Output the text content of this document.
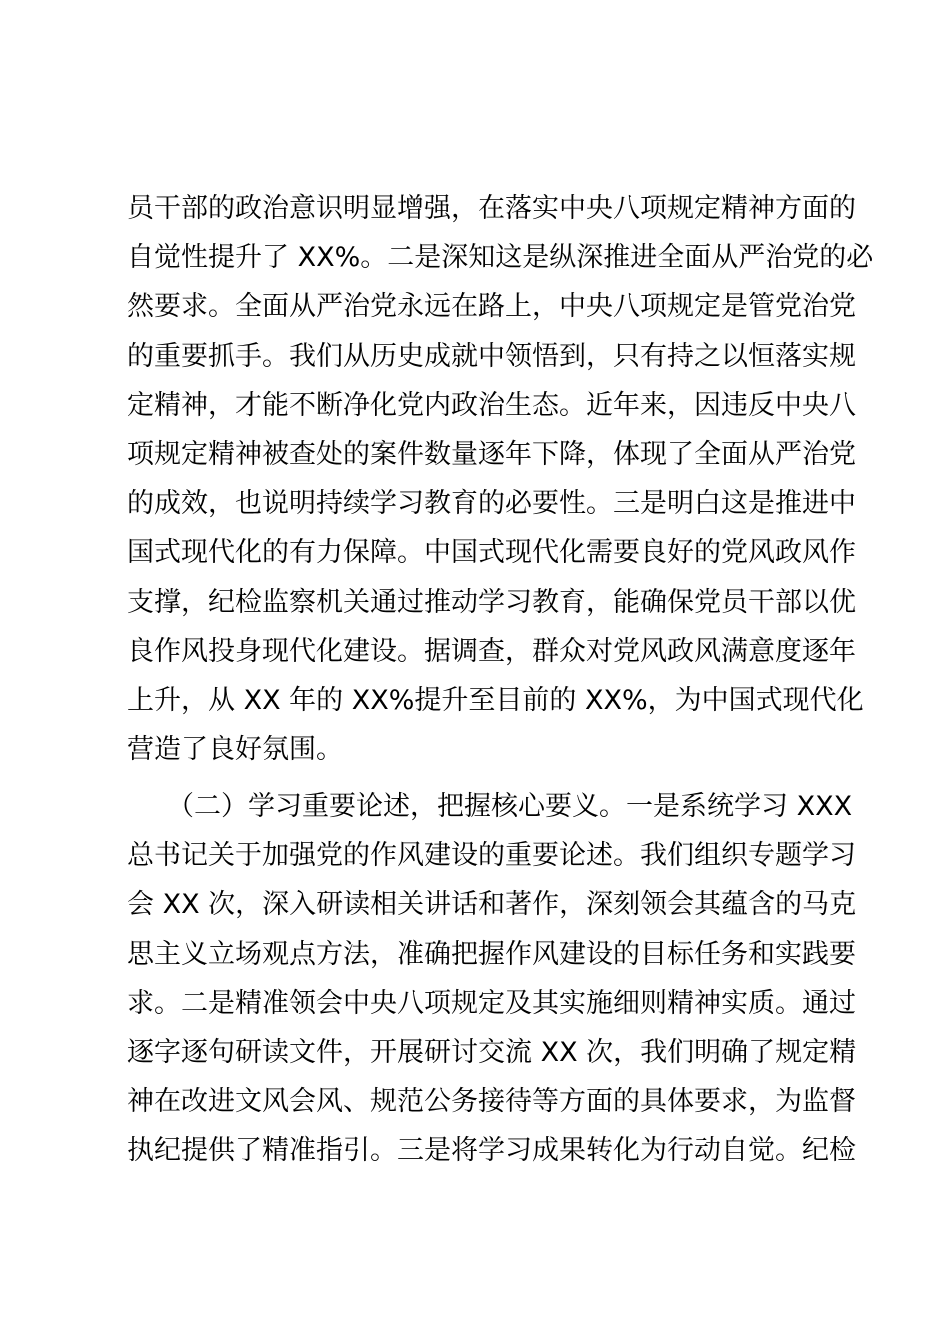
员干部的政治意识明显增强，在落实中央八项规定精神方面的
自觉性提升了 XX%。二是深知这是纵深推进全面从严治党的必
然要求。全面从严治党永远在路上，中央八项规定是管党治党
的重要抓手。我们从历史成就中领悟到，只有持之以恒落实规
定精神，才能不断净化党内政治生态。近年来，因违反中央八
项规定精神被查处的案件数量逐年下降，体现了全面从严治党
的成效，也说明持续学习教育的必要性。三是明白这是推进中
国式现代化的有力保障。中国式现代化需要良好的党风政风作
支撑，纪检监察机关通过推动学习教育，能确保党员干部以优
良作风投身现代化建设。据调查，群众对党风政风满意度逐年
上升，从 XX 年的 XX%提升至目前的 XX%，为中国式现代化
营造了良好氛围。
（二）学习重要论述，把握核心要义。一是系统学习 XXX
总书记关于加强党的作风建设的重要论述。我们组织专题学习
会 XX 次，深入研读相关讲话和著作，深刻领会其蕴含的马克
思主义立场观点方法，准确把握作风建设的目标任务和实践要
求。二是精准领会中央八项规定及其实施细则精神实质。通过
逐字逐句研读文件，开展研讨交流 XX 次，我们明确了规定精
神在改进文风会风、规范公务接待等方面的具体要求，为监督
执纪提供了精准指引。三是将学习成果转化为行动自觉。纪检
